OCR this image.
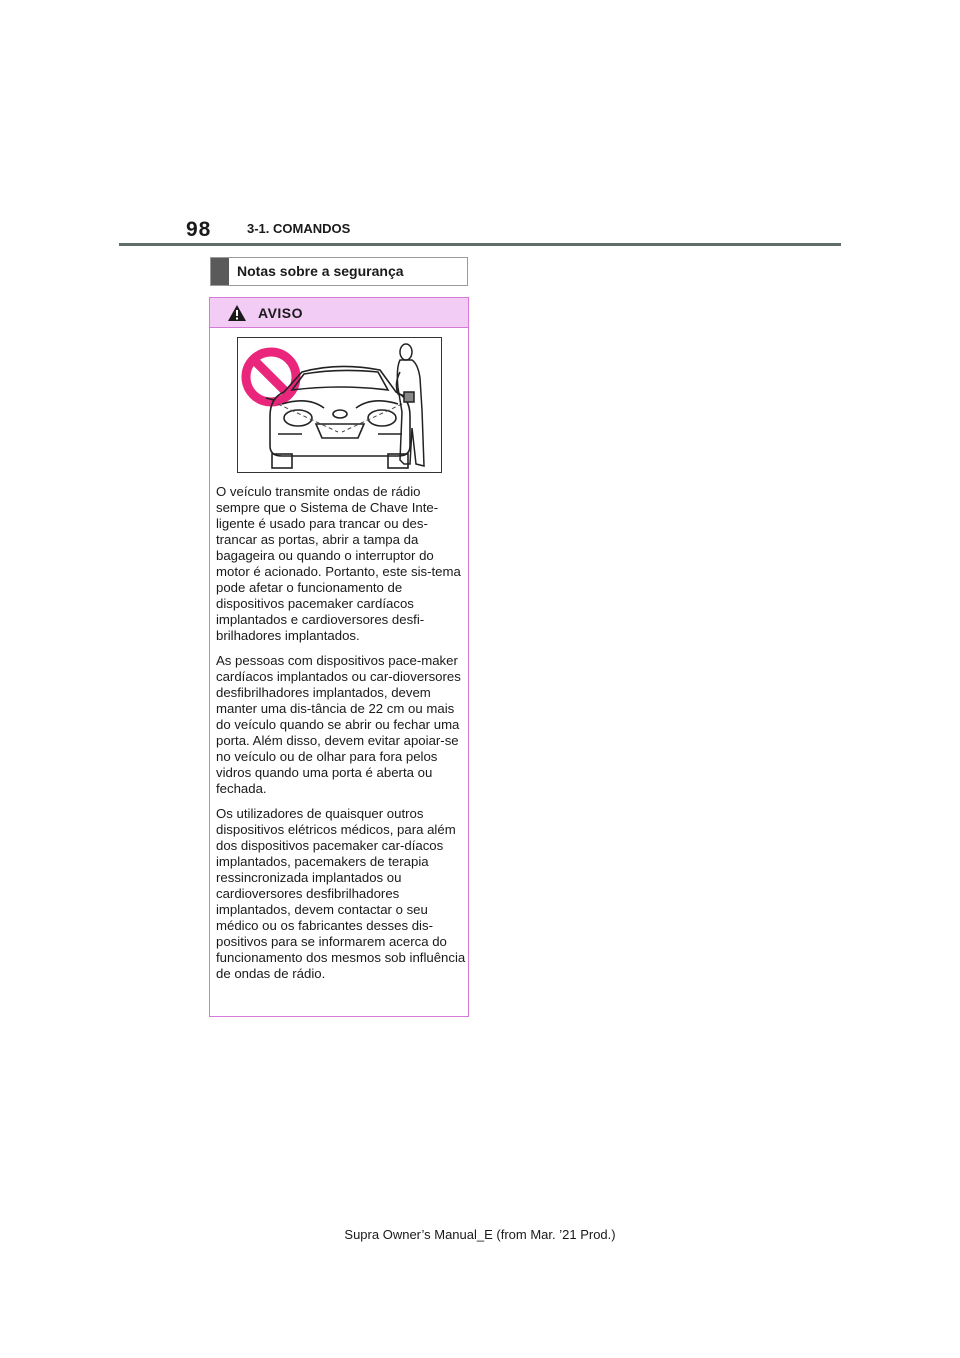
98	3-1. COMANDOS
Notas sobre a segurança
AVISO

O veículo transmite ondas de rádio sempre que o Sistema de Chave Inte-ligente é usado para trancar ou des-trancar as portas, abrir a tampa da bagageira ou quando o interruptor do motor é acionado. Portanto, este sis-tema pode afetar o funcionamento de dispositivos pacemaker cardíacos implantados e cardioversores desfi-brilhadores implantados.

As pessoas com dispositivos pace-maker cardíacos implantados ou car-dioversores desfibrilhadores implantados, devem manter uma dis-tância de 22 cm ou mais do veículo quando se abrir ou fechar uma porta. Além disso, devem evitar apoiar-se no veículo ou de olhar para fora pelos vidros quando uma porta é aberta ou fechada.

Os utilizadores de quaisquer outros dispositivos elétricos médicos, para além dos dispositivos pacemaker car-díacos implantados, pacemakers de terapia ressincronizada implantados ou cardioversores desfibrilhadores implantados, devem contactar o seu médico ou os fabricantes desses dis-positivos para se informarem acerca do funcionamento dos mesmos sob influência de ondas de rádio.

Supra Owner’s Manual_E (from Mar. ’21 Prod.)
